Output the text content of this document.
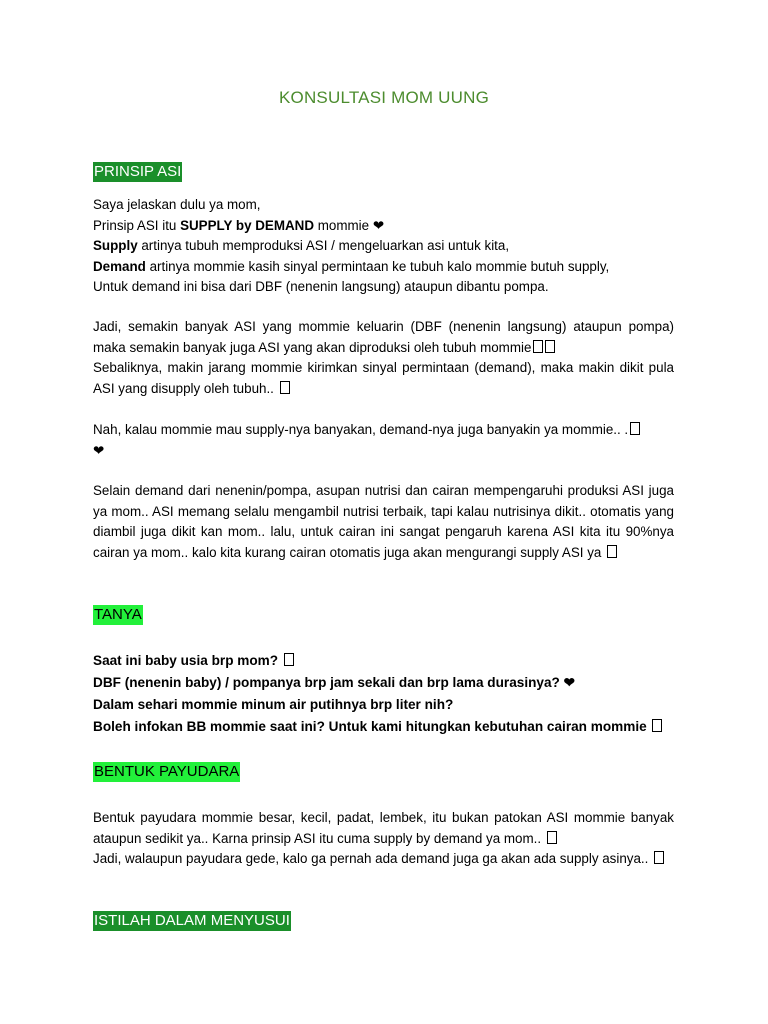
KONSULTASI MOM UUNG
PRINSIP ASI
Saya jelaskan dulu ya mom,
Prinsip ASI itu SUPPLY by DEMAND mommie ❤
Supply artinya tubuh memproduksi ASI / mengeluarkan asi untuk kita,
Demand artinya mommie kasih sinyal permintaan ke tubuh kalo mommie butuh supply,
Untuk demand ini bisa dari DBF (nenenin langsung) ataupun dibantu pompa.
Jadi, semakin banyak ASI yang mommie keluarin (DBF (nenenin langsung) ataupun pompa) maka semakin banyak juga ASI yang akan diproduksi oleh tubuh mommie
Sebaliknya, makin jarang mommie kirimkan sinyal permintaan (demand), maka makin dikit pula ASI yang disupply oleh tubuh..
Nah, kalau mommie mau supply-nya banyakan, demand-nya juga banyakin ya mommie.. .
❤
Selain demand dari nenenin/pompa, asupan nutrisi dan cairan mempengaruhi produksi ASI juga ya mom.. ASI memang selalu mengambil nutrisi terbaik, tapi kalau nutrisinya dikit.. otomatis yang diambil juga dikit kan mom.. lalu, untuk cairan ini sangat pengaruh karena ASI kita itu 90%nya cairan ya mom.. kalo kita kurang cairan otomatis juga akan mengurangi supply ASI ya
TANYA
Saat ini baby usia brp mom?
DBF (nenenin baby) / pompanya brp jam sekali dan brp lama durasinya? ❤
Dalam sehari mommie minum air putihnya brp liter nih?
Boleh infokan BB mommie saat ini? Untuk kami hitungkan kebutuhan cairan mommie
BENTUK PAYUDARA
Bentuk payudara mommie besar, kecil, padat, lembek, itu bukan patokan ASI mommie banyak ataupun sedikit ya.. Karna prinsip ASI itu cuma supply by demand ya mom..
Jadi, walaupun payudara gede, kalo ga pernah ada demand juga ga akan ada supply asinya..
ISTILAH DALAM MENYUSUI
